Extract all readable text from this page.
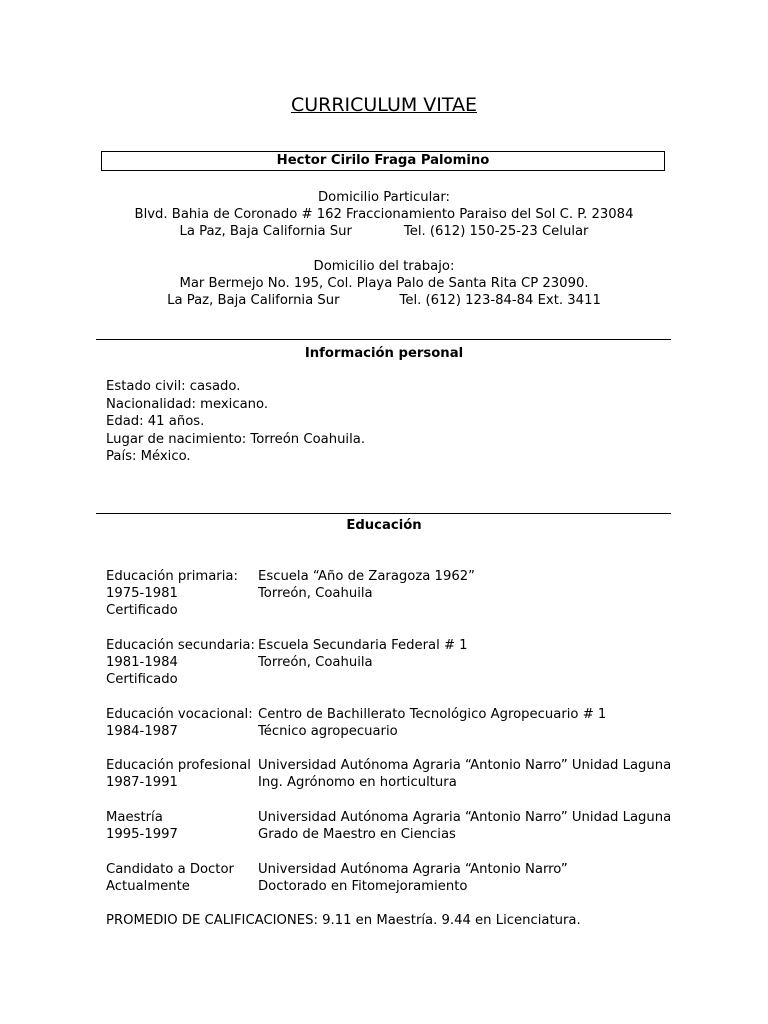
CURRICULUM VITAE
Hector Cirilo Fraga Palomino
Domicilio Particular:
Blvd. Bahia de Coronado # 162 Fraccionamiento Paraiso del Sol C. P. 23084
La Paz, Baja California Sur	Tel. (612) 150-25-23 Celular
Domicilio del trabajo:
Mar Bermejo No. 195, Col. Playa Palo de Santa Rita CP 23090.
La Paz, Baja California Sur	Tel. (612) 123-84-84 Ext. 3411
Información personal
Estado civil: casado.
Nacionalidad: mexicano.
Edad: 41 años.
Lugar de nacimiento: Torreón Coahuila.
País: México.
Educación
Educación primaria:
1975-1981
Certificado
Escuela “Año de Zaragoza 1962”
Torreón, Coahuila
Educación secundaria:
1981-1984
Certificado
Escuela Secundaria Federal # 1
Torreón, Coahuila
Educación vocacional:
1984-1987
Centro de Bachillerato Tecnológico Agropecuario # 1
Técnico agropecuario
Educación profesional
1987-1991
Universidad Autónoma Agraria “Antonio Narro” Unidad Laguna
Ing. Agrónomo en horticultura
Maestría
1995-1997
Universidad Autónoma Agraria “Antonio Narro” Unidad Laguna
Grado de Maestro en Ciencias
Candidato a Doctor
Actualmente
Universidad Autónoma Agraria “Antonio Narro”
Doctorado en Fitomejoramiento
PROMEDIO DE CALIFICACIONES: 9.11 en Maestría. 9.44 en Licenciatura.
